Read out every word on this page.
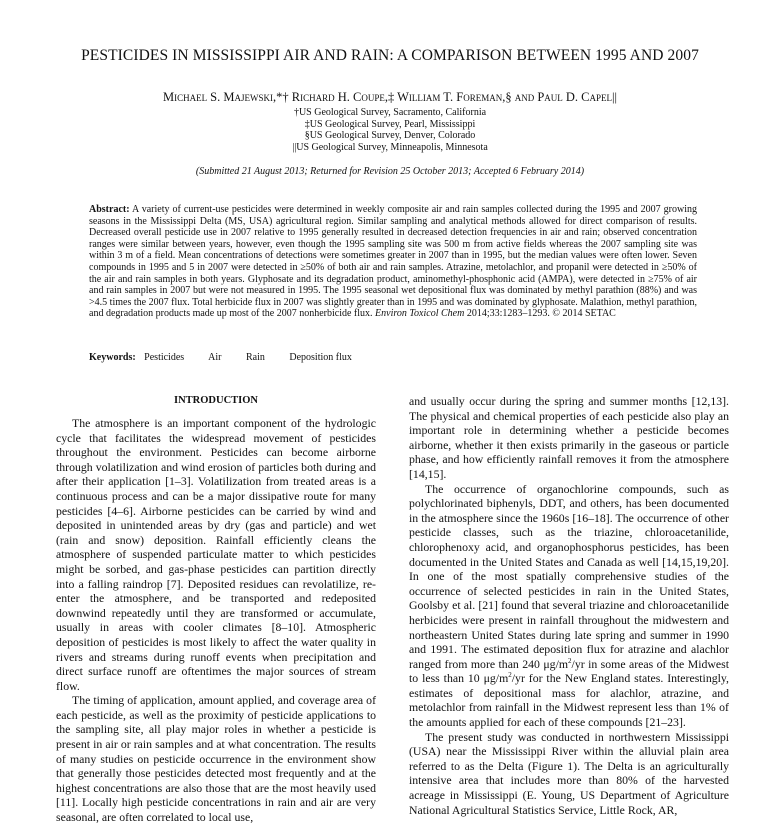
PESTICIDES IN MISSISSIPPI AIR AND RAIN: A COMPARISON BETWEEN 1995 AND 2007
Michael S. Majewski,*† Richard H. Coupe,‡ William T. Foreman,§ and Paul D. Capel||
†US Geological Survey, Sacramento, California
‡US Geological Survey, Pearl, Mississippi
§US Geological Survey, Denver, Colorado
||US Geological Survey, Minneapolis, Minnesota
(Submitted 21 August 2013; Returned for Revision 25 October 2013; Accepted 6 February 2014)
Abstract: A variety of current-use pesticides were determined in weekly composite air and rain samples collected during the 1995 and 2007 growing seasons in the Mississippi Delta (MS, USA) agricultural region. Similar sampling and analytical methods allowed for direct comparison of results. Decreased overall pesticide use in 2007 relative to 1995 generally resulted in decreased detection frequencies in air and rain; observed concentration ranges were similar between years, however, even though the 1995 sampling site was 500 m from active fields whereas the 2007 sampling site was within 3 m of a field. Mean concentrations of detections were sometimes greater in 2007 than in 1995, but the median values were often lower. Seven compounds in 1995 and 5 in 2007 were detected in ≥50% of both air and rain samples. Atrazine, metolachlor, and propanil were detected in ≥50% of the air and rain samples in both years. Glyphosate and its degradation product, aminomethyl-phosphonic acid (AMPA), were detected in ≥75% of air and rain samples in 2007 but were not measured in 1995. The 1995 seasonal wet depositional flux was dominated by methyl parathion (88%) and was >4.5 times the 2007 flux. Total herbicide flux in 2007 was slightly greater than in 1995 and was dominated by glyphosate. Malathion, methyl parathion, and degradation products made up most of the 2007 nonherbicide flux. Environ Toxicol Chem 2014;33:1283–1293. © 2014 SETAC
Keywords: Pesticides Air Rain Deposition flux
INTRODUCTION

The atmosphere is an important component of the hydrologic cycle that facilitates the widespread movement of pesticides throughout the environment. Pesticides can become airborne through volatilization and wind erosion of particles both during and after their application [1–3]. Volatilization from treated areas is a continuous process and can be a major dissipative route for many pesticides [4–6]. Airborne pesticides can be carried by wind and deposited in unintended areas by dry (gas and particle) and wet (rain and snow) deposition. Rainfall efficiently cleans the atmosphere of suspended particulate matter to which pesticides might be sorbed, and gas-phase pesticides can partition directly into a falling raindrop [7]. Deposited residues can revolatilize, re-enter the atmosphere, and be transported and redeposited downwind repeatedly until they are transformed or accumulate, usually in areas with cooler climates [8–10]. Atmospheric deposition of pesticides is most likely to affect the water quality in rivers and streams during runoff events when precipitation and direct surface runoff are oftentimes the major sources of stream flow.

The timing of application, amount applied, and coverage area of each pesticide, as well as the proximity of pesticide applications to the sampling site, all play major roles in whether a pesticide is present in air or rain samples and at what concentration. The results of many studies on pesticide occurrence in the environment show that generally those pesticides detected most frequently and at the highest concentrations are also those that are the most heavily used [11]. Locally high pesticide concentrations in rain and air are very seasonal, are often correlated to local use,

and usually occur during the spring and summer months [12,13]. The physical and chemical properties of each pesticide also play an important role in determining whether a pesticide becomes airborne, whether it then exists primarily in the gaseous or particle phase, and how efficiently rainfall removes it from the atmosphere [14,15].

The occurrence of organochlorine compounds, such as polychlorinated biphenyls, DDT, and others, has been documented in the atmosphere since the 1960s [16–18]. The occurrence of other pesticide classes, such as the triazine, chloroacetanilide, chlorophenoxy acid, and organophosphorus pesticides, has been documented in the United States and Canada as well [14,15,19,20]. In one of the most spatially comprehensive studies of the occurrence of selected pesticides in rain in the United States, Goolsby et al. [21] found that several triazine and chloroacetanilide herbicides were present in rainfall throughout the midwestern and northeastern United States during late spring and summer in 1990 and 1991. The estimated deposition flux for atrazine and alachlor ranged from more than 240 $\mu g/m^2/yr$ in some areas of the Midwest to less than 10 $\mu g/m^2/yr$ for the New England states. Interestingly, estimates of depositional mass for alachlor, atrazine, and metolachlor from rainfall in the Midwest represent less than 1% of the amounts applied for each of these compounds [21–23].

The present study was conducted in northwestern Mississippi (USA) near the Mississippi River within the alluvial plain area referred to as the Delta (Figure 1). The Delta is an agriculturally intensive area that includes more than 80% of the harvested acreage in Mississippi (E. Young, US Department of Agriculture National Agricultural Statistics Service, Little Rock, AR,
